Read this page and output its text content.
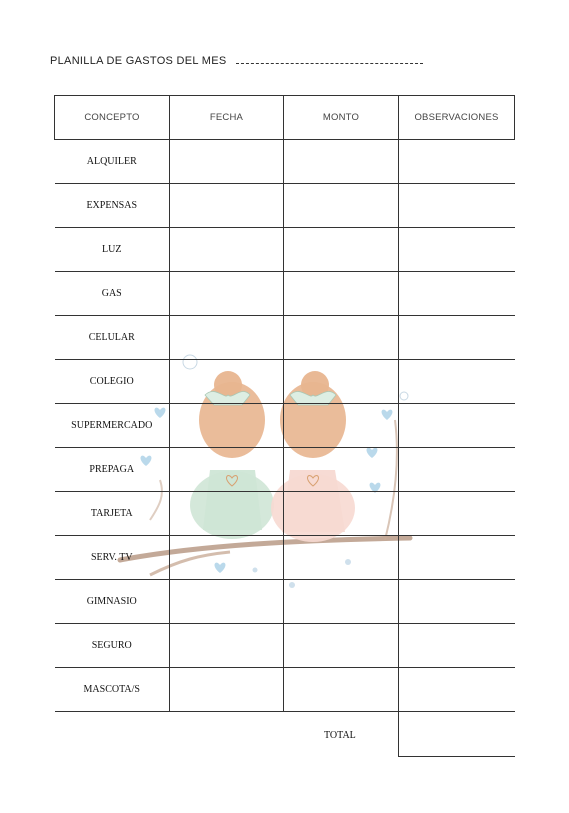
PLANILLA DE GASTOS DEL MES
CONCEPTO	FECHA	MONTO	OBSERVACIONES
ALQUILER			
EXPENSAS			
LUZ			
GAS			
CELULAR			
COLEGIO			
SUPERMERCADO			
PREPAGA			
TARJETA			
SERV. TV			
GIMNASIO			
SEGURO			
MASCOTA/S			
TOTAL
